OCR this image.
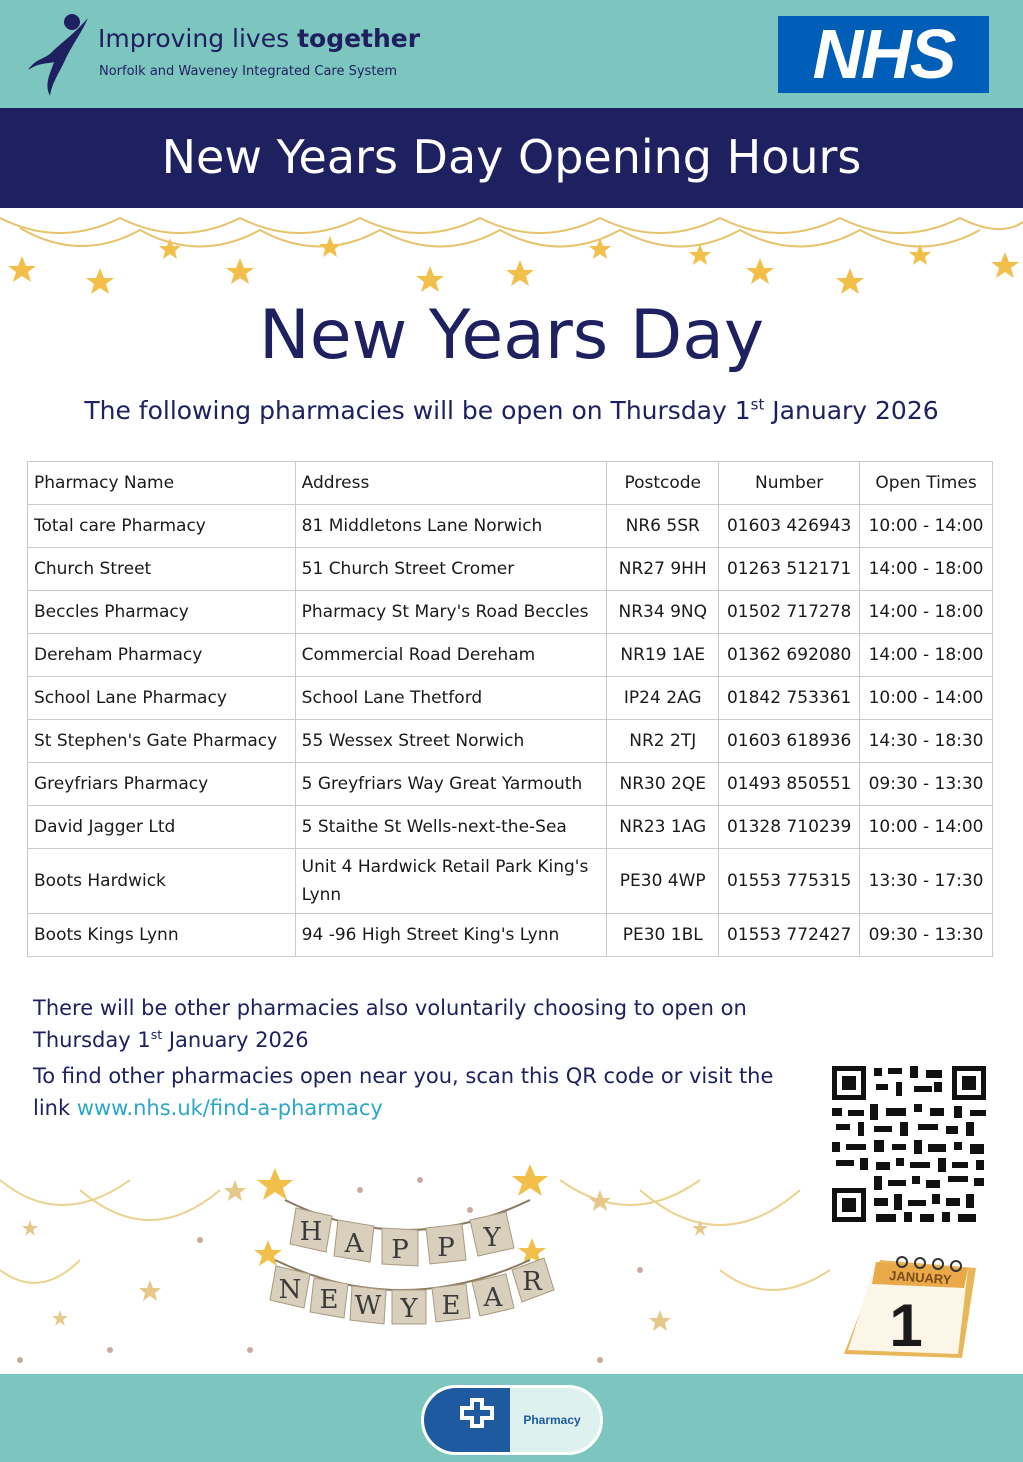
Improving lives together
Norfolk and Waveney Integrated Care System	NHS
New Years Day Opening Hours
New Years Day
The following pharmacies will be open on Thursday 1st January 2026
Pharmacy Name	Address	Postcode	Number	Open Times
Total care Pharmacy	81 Middletons Lane Norwich	NR6 5SR	01603 426943	10:00 - 14:00
Church Street	51 Church Street Cromer	NR27 9HH	01263 512171	14:00 - 18:00
Beccles Pharmacy	Pharmacy St Mary's Road Beccles	NR34 9NQ	01502 717278	14:00 - 18:00
Dereham Pharmacy	Commercial Road Dereham	NR19 1AE	01362 692080	14:00 - 18:00
School Lane Pharmacy	School Lane Thetford	IP24 2AG	01842 753361	10:00 - 14:00
St Stephen's Gate Pharmacy	55 Wessex Street Norwich	NR2 2TJ	01603 618936	14:30 - 18:30
Greyfriars Pharmacy	5 Greyfriars Way Great Yarmouth	NR30 2QE	01493 850551	09:30 - 13:30
David Jagger Ltd	5 Staithe St Wells-next-the-Sea	NR23 1AG	01328 710239	10:00 - 14:00
Boots Hardwick	Unit 4 Hardwick Retail Park King's Lynn	PE30 4WP	01553 775315	13:30 - 17:30
Boots Kings Lynn	94 -96 High Street King's Lynn	PE30 1BL	01553 772427	09:30 - 13:30
There will be other pharmacies also voluntarily choosing to open on
Thursday 1st January 2026
To find other pharmacies open near you, scan this QR code or visit the link www.nhs.uk/find-a-pharmacy
H A P P Y
N E W Y E A
R	JANUARY
1
Pharmacy
